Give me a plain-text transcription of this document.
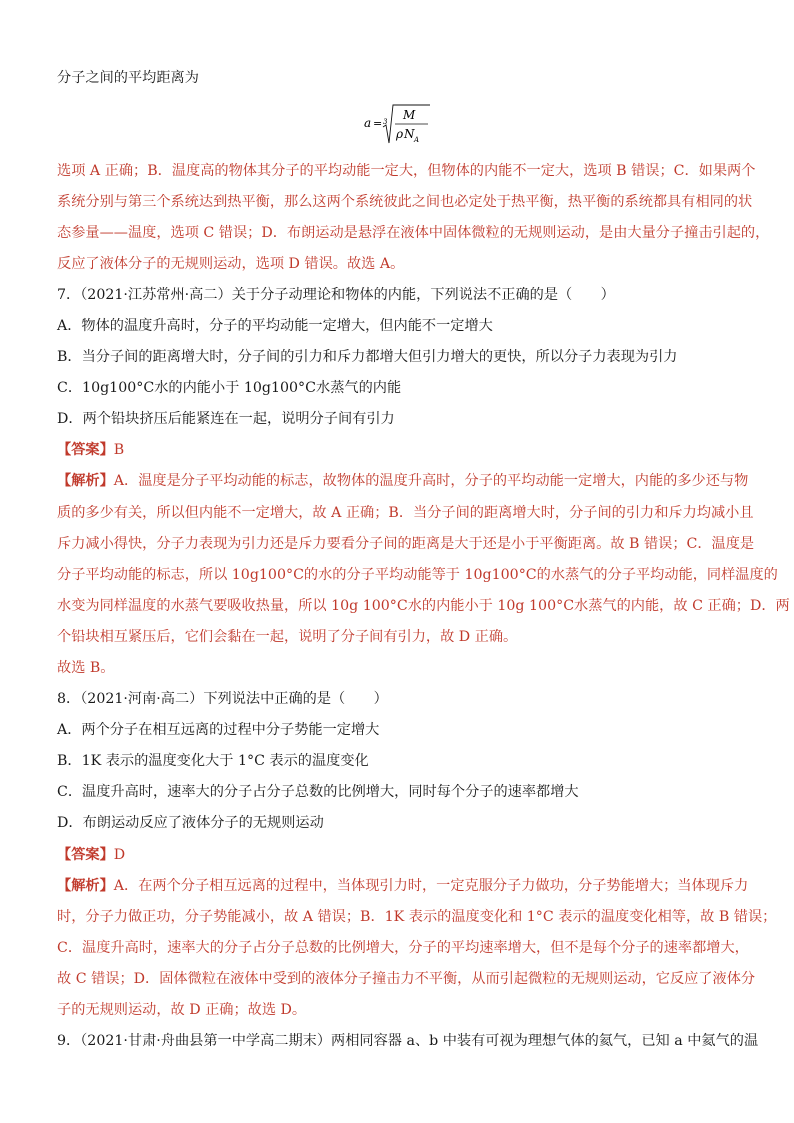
分子之间的平均距离为
a = 3 M
ρ N A
选项 A 正确；B．温度高的物体其分子的平均动能一定大，但物体的内能不一定大，选项 B 错误；C．如果两个
系统分别与第三个系统达到热平衡，那么这两个系统彼此之间也必定处于热平衡，热平衡的系统都具有相同的状
态参量——温度，选项 C 错误；D．布朗运动是悬浮在液体中固体微粒的无规则运动，是由大量分子撞击引起的，
反应了液体分子的无规则运动，选项 D 错误。故选 A。
7．（2021·江苏常州·高二）关于分子动理论和物体的内能，下列说法不正确的是（　　）
A．物体的温度升高时，分子的平均动能一定增大，但内能不一定增大
B．当分子间的距离增大时，分子间的引力和斥力都增大但引力增大的更快，所以分子力表现为引力
C．10g100°C水的内能小于 10g100°C水蒸气的内能
D．两个铅块挤压后能紧连在一起，说明分子间有引力
【答案】B
【解析】A．温度是分子平均动能的标志，故物体的温度升高时，分子的平均动能一定增大，内能的多少还与物
质的多少有关，所以但内能不一定增大，故 A 正确；B．当分子间的距离增大时，分子间的引力和斥力均减小且
斥力减小得快，分子力表现为引力还是斥力要看分子间的距离是大于还是小于平衡距离。故 B 错误；C．温度是
分子平均动能的标志，所以 10g100°C的水的分子平均动能等于 10g100°C的水蒸气的分子平均动能，同样温度的
水变为同样温度的水蒸气要吸收热量，所以 10g 100°C水的内能小于 10g 100°C水蒸气的内能，故 C 正确；D．两
个铅块相互紧压后，它们会黏在一起，说明了分子间有引力，故 D 正确。
故选 B。
8．（2021·河南·高二）下列说法中正确的是（　　）
A．两个分子在相互远离的过程中分子势能一定增大
B．1K 表示的温度变化大于 1°C 表示的温度变化
C．温度升高时，速率大的分子占分子总数的比例增大，同时每个分子的速率都增大
D．布朗运动反应了液体分子的无规则运动
【答案】D
【解析】A．在两个分子相互远离的过程中，当体现引力时，一定克服分子力做功，分子势能增大；当体现斥力
时，分子力做正功，分子势能减小，故 A 错误；B．1K 表示的温度变化和 1°C 表示的温度变化相等，故 B 错误；
C．温度升高时，速率大的分子占分子总数的比例增大，分子的平均速率增大，但不是每个分子的速率都增大，
故 C 错误；D．固体微粒在液体中受到的液体分子撞击力不平衡，从而引起微粒的无规则运动，它反应了液体分
子的无规则运动，故 D 正确；故选 D。
9．（2021·甘肃·舟曲县第一中学高二期末）两相同容器 a、b 中装有可视为理想气体的氦气，已知 a 中氦气的温
